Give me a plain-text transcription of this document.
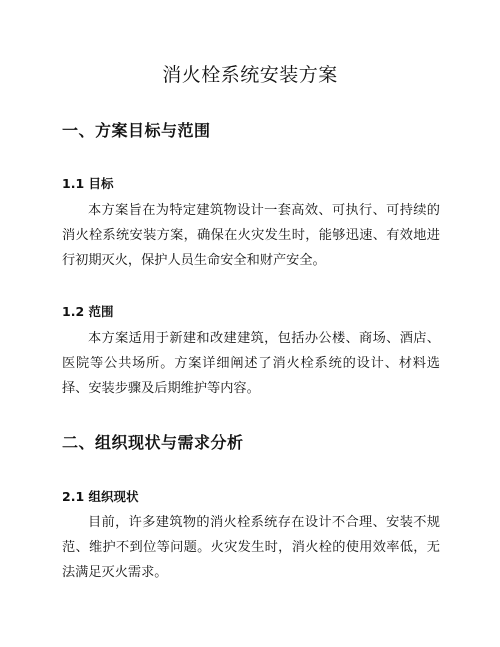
消火栓系统安装方案
一、方案目标与范围
1.1 目标
本方案旨在为特定建筑物设计一套高效、可执行、可持续的消火栓系统安装方案，确保在火灾发生时，能够迅速、有效地进行初期灭火，保护人员生命安全和财产安全。
1.2 范围
本方案适用于新建和改建建筑，包括办公楼、商场、酒店、医院等公共场所。方案详细阐述了消火栓系统的设计、材料选择、安装步骤及后期维护等内容。
二、组织现状与需求分析
2.1 组织现状
目前，许多建筑物的消火栓系统存在设计不合理、安装不规范、维护不到位等问题。火灾发生时，消火栓的使用效率低，无法满足灭火需求。
